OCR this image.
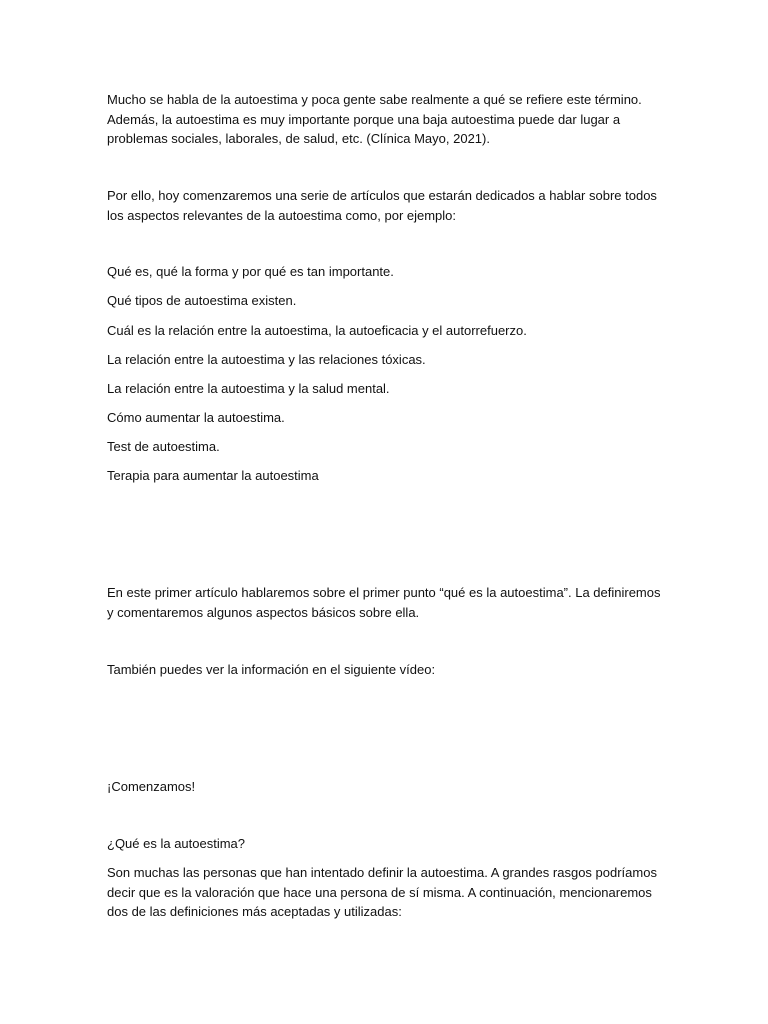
Mucho se habla de la autoestima y poca gente sabe realmente a qué se refiere este término. Además, la autoestima es muy importante porque una baja autoestima puede dar lugar a problemas sociales, laborales, de salud, etc. (Clínica Mayo, 2021).

Por ello, hoy comenzaremos una serie de artículos que estarán dedicados a hablar sobre todos los aspectos relevantes de la autoestima como, por ejemplo:

Qué es, qué la forma y por qué es tan importante.

Qué tipos de autoestima existen.

Cuál es la relación entre la autoestima, la autoeficacia y el autorrefuerzo.

La relación entre la autoestima y las relaciones tóxicas.

La relación entre la autoestima y la salud mental.

Cómo aumentar la autoestima.

Test de autoestima.

Terapia para aumentar la autoestima

En este primer artículo hablaremos sobre el primer punto “qué es la autoestima”. La definiremos y comentaremos algunos aspectos básicos sobre ella.

También puedes ver la información en el siguiente vídeo:

¡Comenzamos!

¿Qué es la autoestima?

Son muchas las personas que han intentado definir la autoestima. A grandes rasgos podríamos decir que es la valoración que hace una persona de sí misma. A continuación, mencionaremos dos de las definiciones más aceptadas y utilizadas:
